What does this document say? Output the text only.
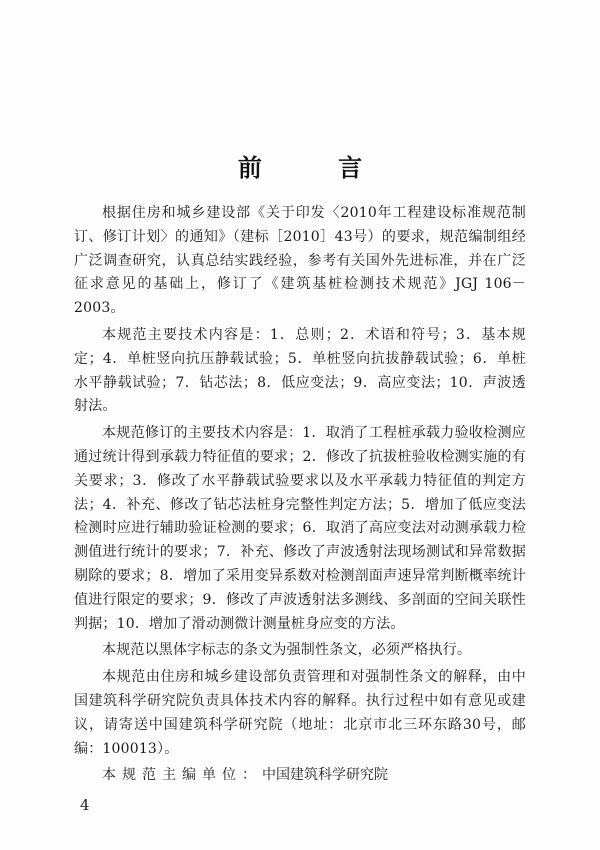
前 言

根据住房和城乡建设部《关于印发〈2010年工程建设标准规范制订、修订计划〉的通知》（建标［2010］43号）的要求，规范编制组经广泛调查研究，认真总结实践经验，参考有关国外先进标准，并在广泛征求意见的基础上，修订了《建筑基桩检测技术规范》JGJ 106－2003。

本规范主要技术内容是：1．总则；2．术语和符号；3．基本规定；4．单桩竖向抗压静载试验；5．单桩竖向抗拔静载试验；6．单桩水平静载试验；7．钻芯法；8．低应变法；9．高应变法；10．声波透射法。

本规范修订的主要技术内容是：1．取消了工程桩承载力验收检测应通过统计得到承载力特征值的要求；2．修改了抗拔桩验收检测实施的有关要求；3．修改了水平静载试验要求以及水平承载力特征值的判定方法；4．补充、修改了钻芯法桩身完整性判定方法；5．增加了低应变法检测时应进行辅助验证检测的要求；6．取消了高应变法对动测承载力检测值进行统计的要求；7．补充、修改了声波透射法现场测试和异常数据剔除的要求；8．增加了采用变异系数对检测剖面声速异常判断概率统计值进行限定的要求；9．修改了声波透射法多测线、多剖面的空间关联性判据；10．增加了滑动测微计测量桩身应变的方法。

本规范以黑体字标志的条文为强制性条文，必须严格执行。

本规范由住房和城乡建设部负责管理和对强制性条文的解释，由中国建筑科学研究院负责具体技术内容的解释。执行过程中如有意见或建议，请寄送中国建筑科学研究院（地址：北京市北三环东路30号，邮编：100013）。

本规范主编单位：中国建筑科学研究院

4
